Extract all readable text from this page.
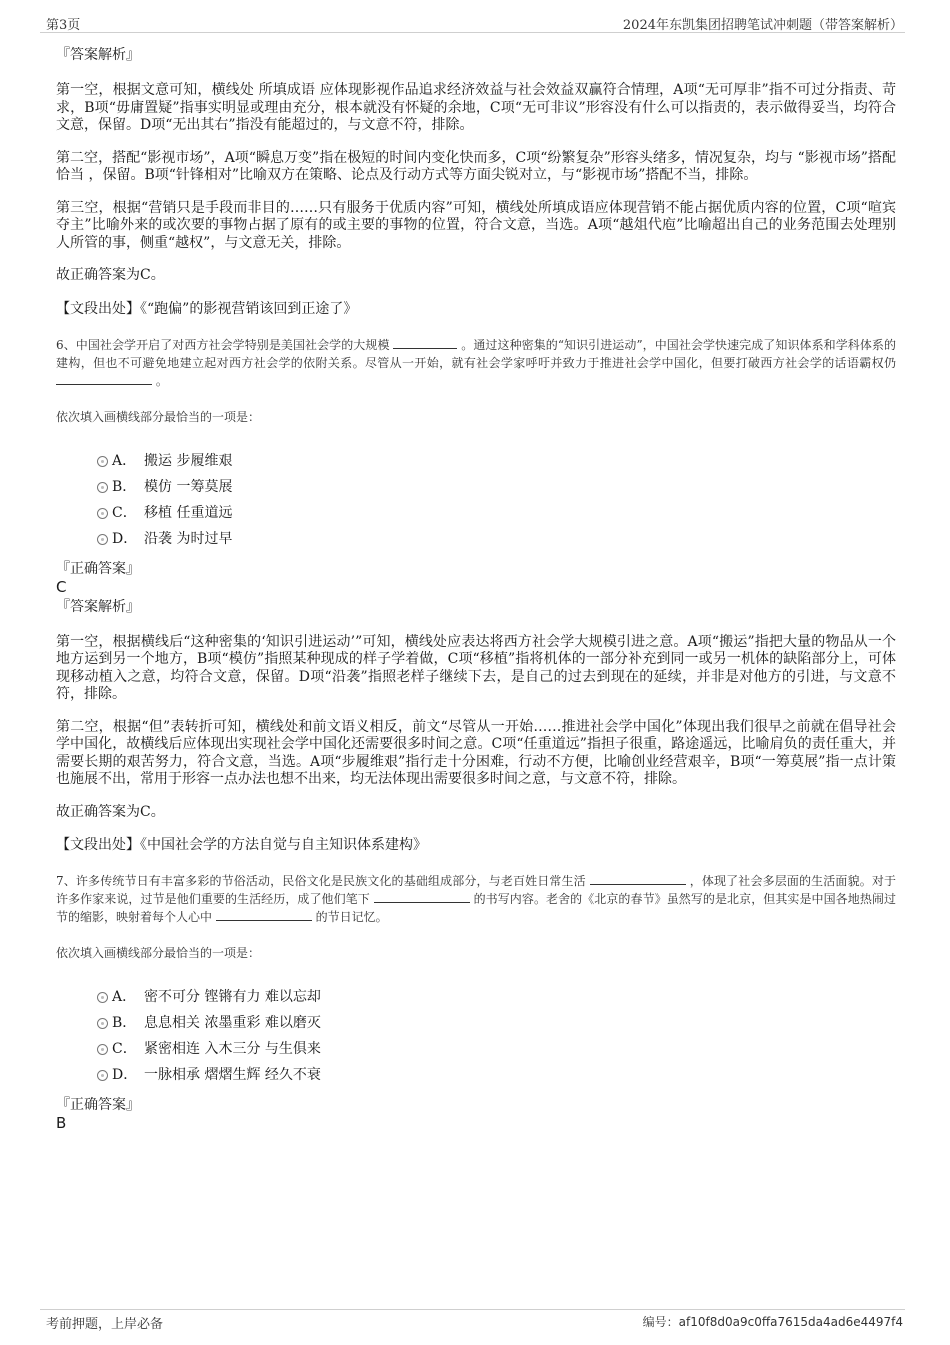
第3页	2024年东凯集团招聘笔试冲刺题（带答案解析）
『答案解析』
第一空，根据文意可知，横线处 所填成语 应体现影视作品追求经济效益与社会效益双赢符合情理，A项“无可厚非”指不可过分指责、苛求，B项“毋庸置疑”指事实明显或理由充分，根本就没有怀疑的余地，C项“无可非议”形容没有什么可以指责的，表示做得妥当，均符合文意，保留。D项“无出其右”指没有能超过的，与文意不符，排除。
第二空，搭配“影视市场”，A项“瞬息万变”指在极短的时间内变化快而多，C项“纷繁复杂”形容头绪多，情况复杂，均与 “影视市场”搭配恰当 ，保留。B项“针锋相对”比喻双方在策略、论点及行动方式等方面尖锐对立，与“影视市场”搭配不当，排除。
第三空，根据“营销只是手段而非目的……只有服务于优质内容”可知，横线处所填成语应体现营销不能占据优质内容的位置，C项“喧宾夺主”比喻外来的或次要的事物占据了原有的或主要的事物的位置，符合文意，当选。A项“越俎代庖”比喻超出自己的业务范围去处理别人所管的事，侧重“越权”，与文意无关，排除。
故正确答案为C。
【文段出处】《“跑偏”的影视营销该回到正途了》
6、中国社会学开启了对西方社会学特别是美国社会学的大规模	。通过这种密集的“知识引进运动”，中国社会学快速完成了知识体系和学科体系的建构，但也不可避免地建立起对西方社会学的依附关系。尽管从一开始，就有社会学家呼吁并致力于推进社会学中国化，但要打破西方社会学的话语霸权仍  。
依次填入画横线部分最恰当的一项是：
A． 搬运 步履维艰
B． 模仿 一筹莫展
C． 移植 任重道远
D． 沿袭 为时过早
『正确答案』
C
『答案解析』
第一空，根据横线后“这种密集的‘知识引进运动’”可知，横线处应表达将西方社会学大规模引进之意。A项“搬运”指把大量的物品从一个地方运到另一个地方，B项“模仿”指照某种现成的样子学着做，C项“移植”指将机体的一部分补充到同一或另一机体的缺陷部分上，可体现移动植入之意，均符合文意，保留。D项“沿袭”指照老样子继续下去，是自己的过去到现在的延续，并非是对他方的引进，与文意不符，排除。
第二空，根据“但”表转折可知，横线处和前文语义相反，前文“尽管从一开始……推进社会学中国化”体现出我们很早之前就在倡导社会学中国化，故横线后应体现出实现社会学中国化还需要很多时间之意。C项“任重道远”指担子很重，路途遥远，比喻肩负的责任重大，并需要长期的艰苦努力，符合文意，当选。A项“步履维艰”指行走十分困难，行动不方便，比喻创业经营艰辛，B项“一筹莫展”指一点计策也施展不出，常用于形容一点办法也想不出来，均无法体现出需要很多时间之意，与文意不符，排除。
故正确答案为C。
【文段出处】《中国社会学的方法自觉与自主知识体系建构》
7、许多传统节日有丰富多彩的节俗活动，民俗文化是民族文化的基础组成部分，与老百姓日常生活	，体现了社会多层面的生活面貌。对于许多作家来说，过节是他们重要的生活经历，成了他们笔下	的书写内容。老舍的《北京的春节》虽然写的是北京，但其实是中国各地热闹过节的缩影，映射着每个人心中	的节日记忆。
依次填入画横线部分最恰当的一项是：
A． 密不可分 铿锵有力 难以忘却
B． 息息相关 浓墨重彩 难以磨灭
C． 紧密相连 入木三分 与生俱来
D． 一脉相承 熠熠生辉 经久不衰
『正确答案』
B
考前押题，上岸必备	编号：af10f8d0a9c0ffa7615da4ad6e4497f4
